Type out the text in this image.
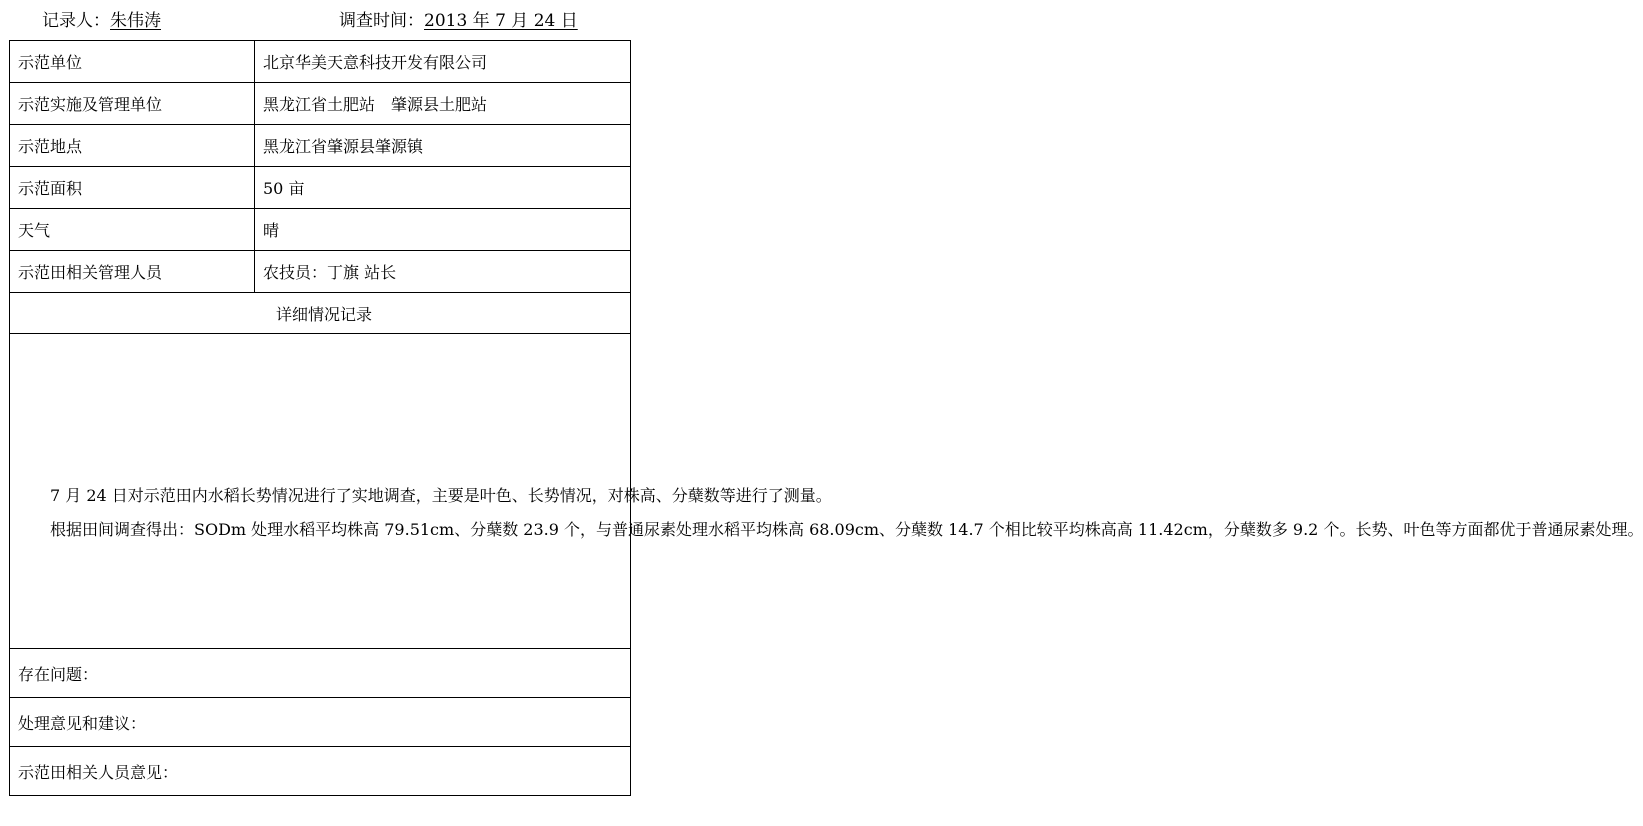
记录人：朱伟涛	调查时间：2013 年 7 月 24 日
示范单位	北京华美天意科技开发有限公司
示范实施及管理单位	黑龙江省土肥站　肇源县土肥站
示范地点	黑龙江省肇源县肇源镇
示范面积	50 亩
天气	晴
示范田相关管理人员	农技员：丁旗 站长
详细情况记录	

7 月 24 日对示范田内水稻长势情况进行了实地调查，主要是叶色、长势情况，对株高、分蘖数等进行了测量。

根据田间调查得出：SODm 处理水稻平均株高 79.51cm、分蘖数 23.9 个，与普通尿素处理水稻平均株高 68.09cm、分蘖数 14.7 个相比较平均株高高 11.42cm，分蘖数多 9.2 个。长势、叶色等方面都优于普通尿素处理。	

存在问题：	
处理意见和建议：	
示范田相关人员意见：	
